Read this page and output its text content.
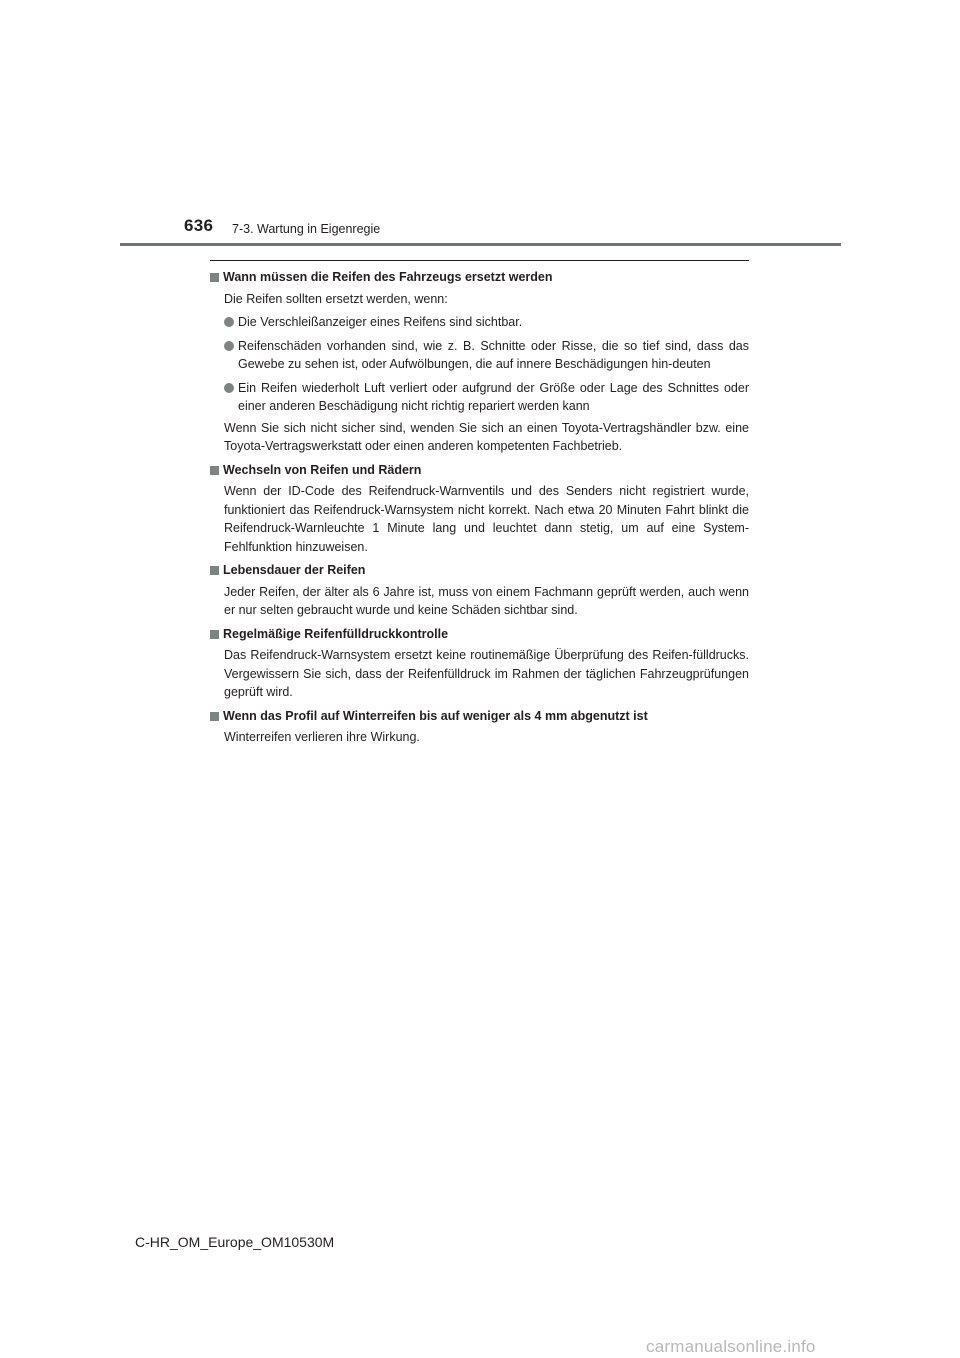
636 7-3. Wartung in Eigenregie
Wann müssen die Reifen des Fahrzeugs ersetzt werden
Die Reifen sollten ersetzt werden, wenn:
Die Verschleißanzeiger eines Reifens sind sichtbar.
Reifenschäden vorhanden sind, wie z. B. Schnitte oder Risse, die so tief sind, dass das Gewebe zu sehen ist, oder Aufwölbungen, die auf innere Beschädigungen hin-deuten
Ein Reifen wiederholt Luft verliert oder aufgrund der Größe oder Lage des Schnittes oder einer anderen Beschädigung nicht richtig repariert werden kann
Wenn Sie sich nicht sicher sind, wenden Sie sich an einen Toyota-Vertragshändler bzw. eine Toyota-Vertragswerkstatt oder einen anderen kompetenten Fachbetrieb.
Wechseln von Reifen und Rädern
Wenn der ID-Code des Reifendruck-Warnventils und des Senders nicht registriert wurde, funktioniert das Reifendruck-Warnsystem nicht korrekt. Nach etwa 20 Minuten Fahrt blinkt die Reifendruck-Warnleuchte 1 Minute lang und leuchtet dann stetig, um auf eine System-Fehlfunktion hinzuweisen.
Lebensdauer der Reifen
Jeder Reifen, der älter als 6 Jahre ist, muss von einem Fachmann geprüft werden, auch wenn er nur selten gebraucht wurde und keine Schäden sichtbar sind.
Regelmäßige Reifenfülldruckkontrolle
Das Reifendruck-Warnsystem ersetzt keine routinemäßige Überprüfung des Reifen-fülldrucks. Vergewissern Sie sich, dass der Reifenfülldruck im Rahmen der täglichen Fahrzeugprüfungen geprüft wird.
Wenn das Profil auf Winterreifen bis auf weniger als 4 mm abgenutzt ist
Winterreifen verlieren ihre Wirkung.
C-HR_OM_Europe_OM10530M
carmanualsonline.info
